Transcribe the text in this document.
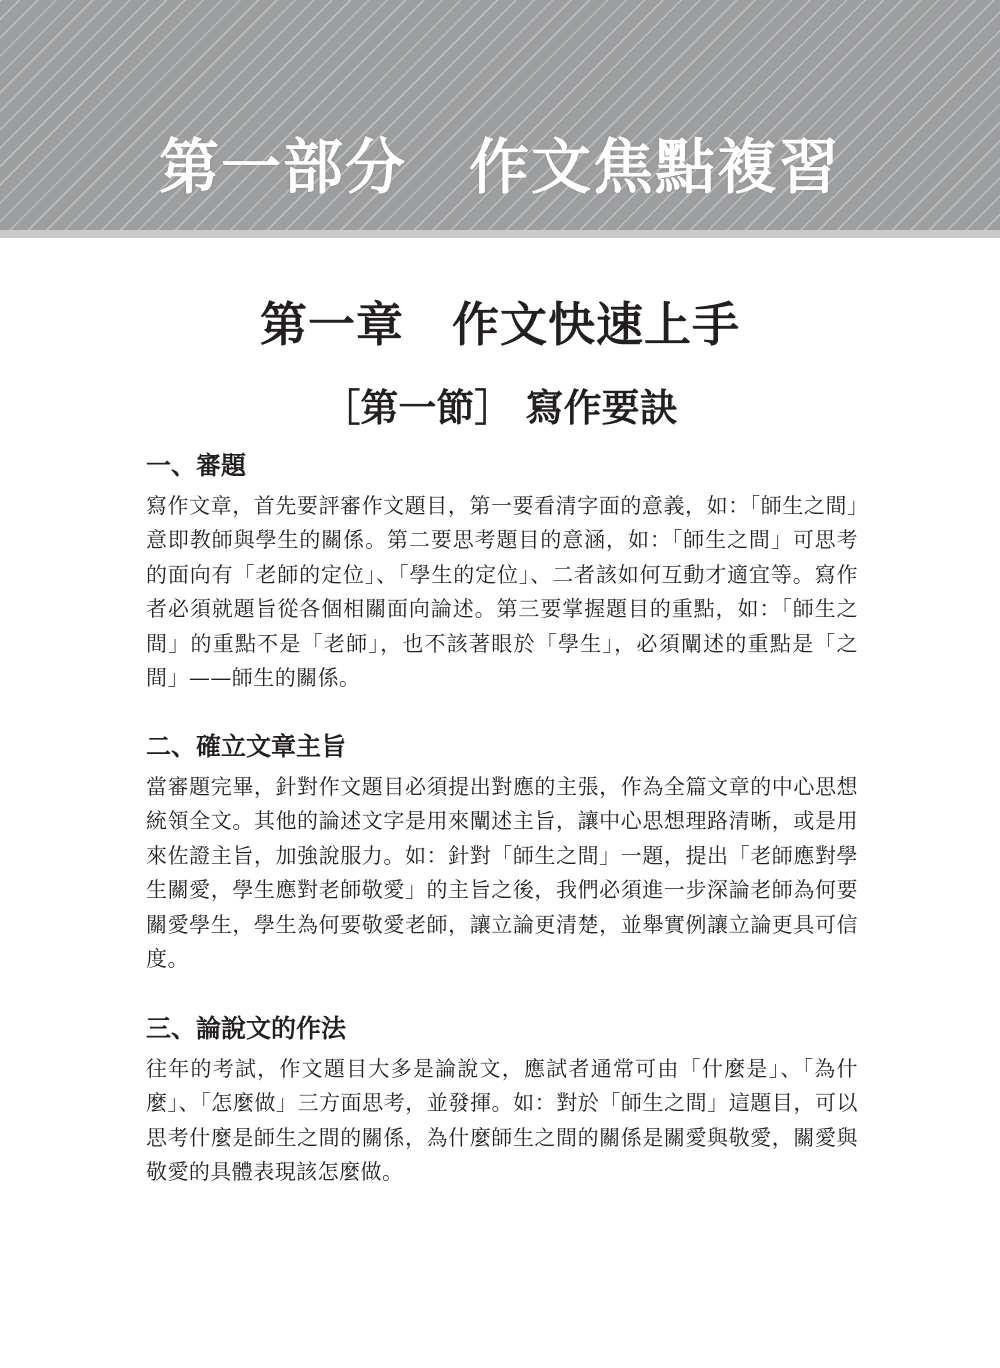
第一部分　作文焦點複習
第一章　作文快速上手
［第一節］ 寫作要訣
一、審題

寫作文章，首先要評審作文題目，第一要看清字面的意義，如：「師生之間」意即教師與學生的關係。第二要思考題目的意涵，如：「師生之間」可思考的面向有「老師的定位」、「學生的定位」、二者該如何互動才適宜等。寫作者必須就題旨從各個相關面向論述。第三要掌握題目的重點，如：「師生之間」的重點不是「老師」，也不該著眼於「學生」，必須闡述的重點是「之間」——師生的關係。

二、確立文章主旨

當審題完畢，針對作文題目必須提出對應的主張，作為全篇文章的中心思想統領全文。其他的論述文字是用來闡述主旨，讓中心思想理路清晰，或是用來佐證主旨，加強說服力。如：針對「師生之間」一題，提出「老師應對學生關愛，學生應對老師敬愛」的主旨之後，我們必須進一步深論老師為何要關愛學生，學生為何要敬愛老師，讓立論更清楚，並舉實例讓立論更具可信度。

三、論說文的作法

往年的考試，作文題目大多是論說文，應試者通常可由「什麼是」、「為什麼」、「怎麼做」三方面思考，並發揮。如：對於「師生之間」這題目，可以思考什麼是師生之間的關係，為什麼師生之間的關係是關愛與敬愛，關愛與敬愛的具體表現該怎麼做。
